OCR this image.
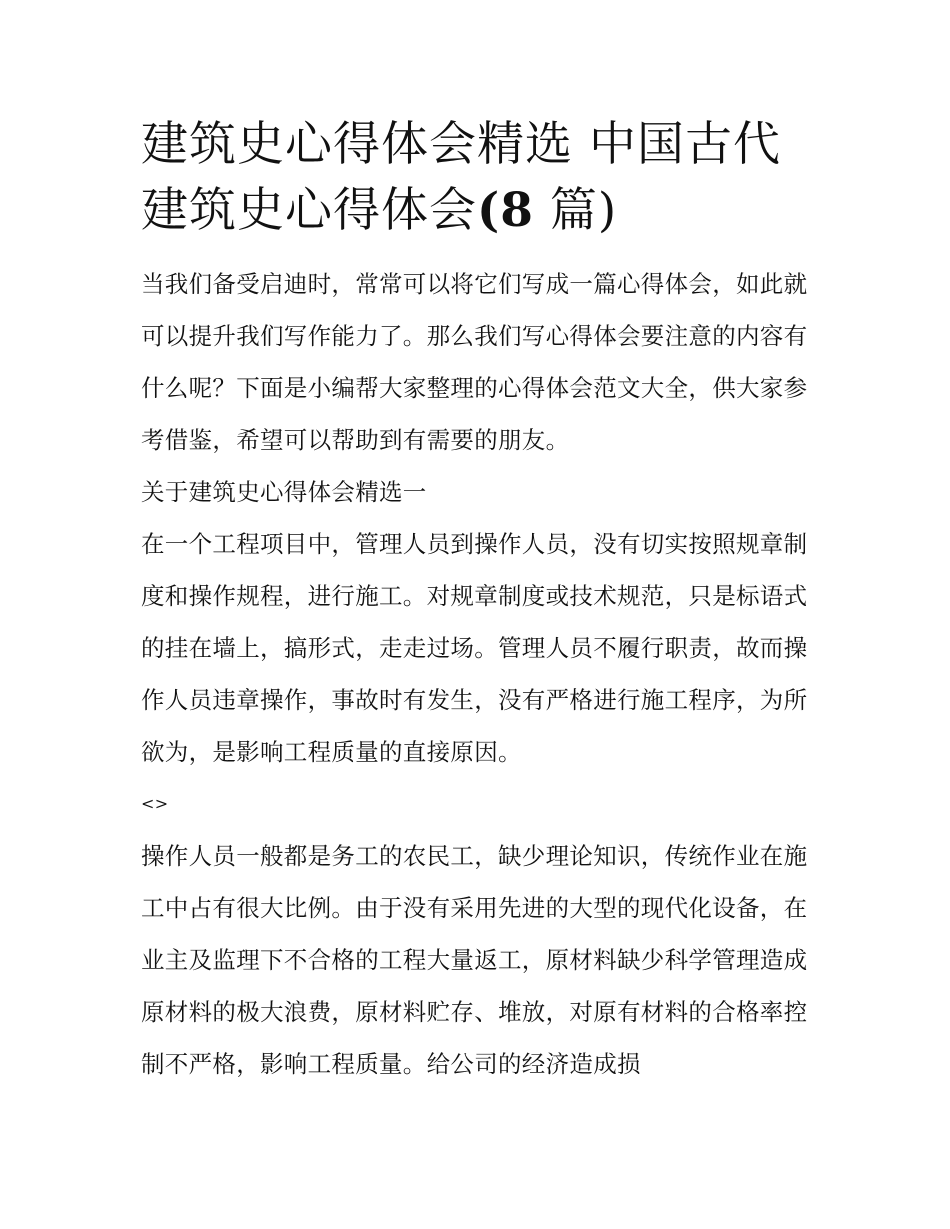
建筑史心得体会精选 中国古代建筑史心得体会(8 篇)

当我们备受启迪时，常常可以将它们写成一篇心得体会，如此就可以提升我们写作能力了。那么我们写心得体会要注意的内容有什么呢？下面是小编帮大家整理的心得体会范文大全，供大家参考借鉴，希望可以帮助到有需要的朋友。

关于建筑史心得体会精选一

在一个工程项目中，管理人员到操作人员，没有切实按照规章制度和操作规程，进行施工。对规章制度或技术规范，只是标语式的挂在墙上，搞形式，走走过场。管理人员不履行职责，故而操作人员违章操作，事故时有发生，没有严格进行施工程序，为所欲为，是影响工程质量的直接原因。

<>

操作人员一般都是务工的农民工，缺少理论知识，传统作业在施工中占有很大比例。由于没有采用先进的大型的现代化设备，在业主及监理下不合格的工程大量返工，原材料缺少科学管理造成原材料的极大浪费，原材料贮存、堆放，对原有材料的合格率控制不严格，影响工程质量。给公司的经济造成损
